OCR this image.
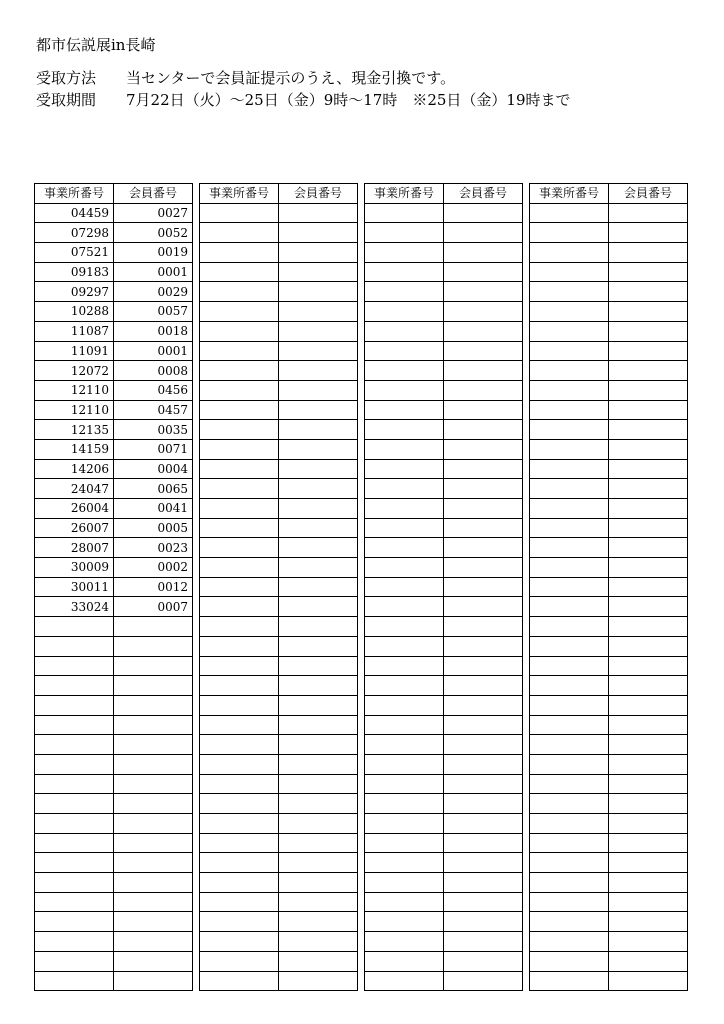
都市伝説展in長崎
受取方法 当センターで会員証提示のうえ、現金引換です。
受取期間 7月22日（火）～25日（金）9時～17時　※25日（金）19時まで
事業所番号	会員番号
04459	0027
07298	0052
07521	0019
09183	0001
09297	0029
10288	0057
11087	0018
11091	0001
12072	0008
12110	0456
12110	0457
12135	0035
14159	0071
14206	0004
24047	0065
26004	0041
26007	0005
28007	0023
30009	0002
30011	0012
33024	0007

事業所番号	会員番号

		事業所番号	会員番号

		事業所番号	会員番号
